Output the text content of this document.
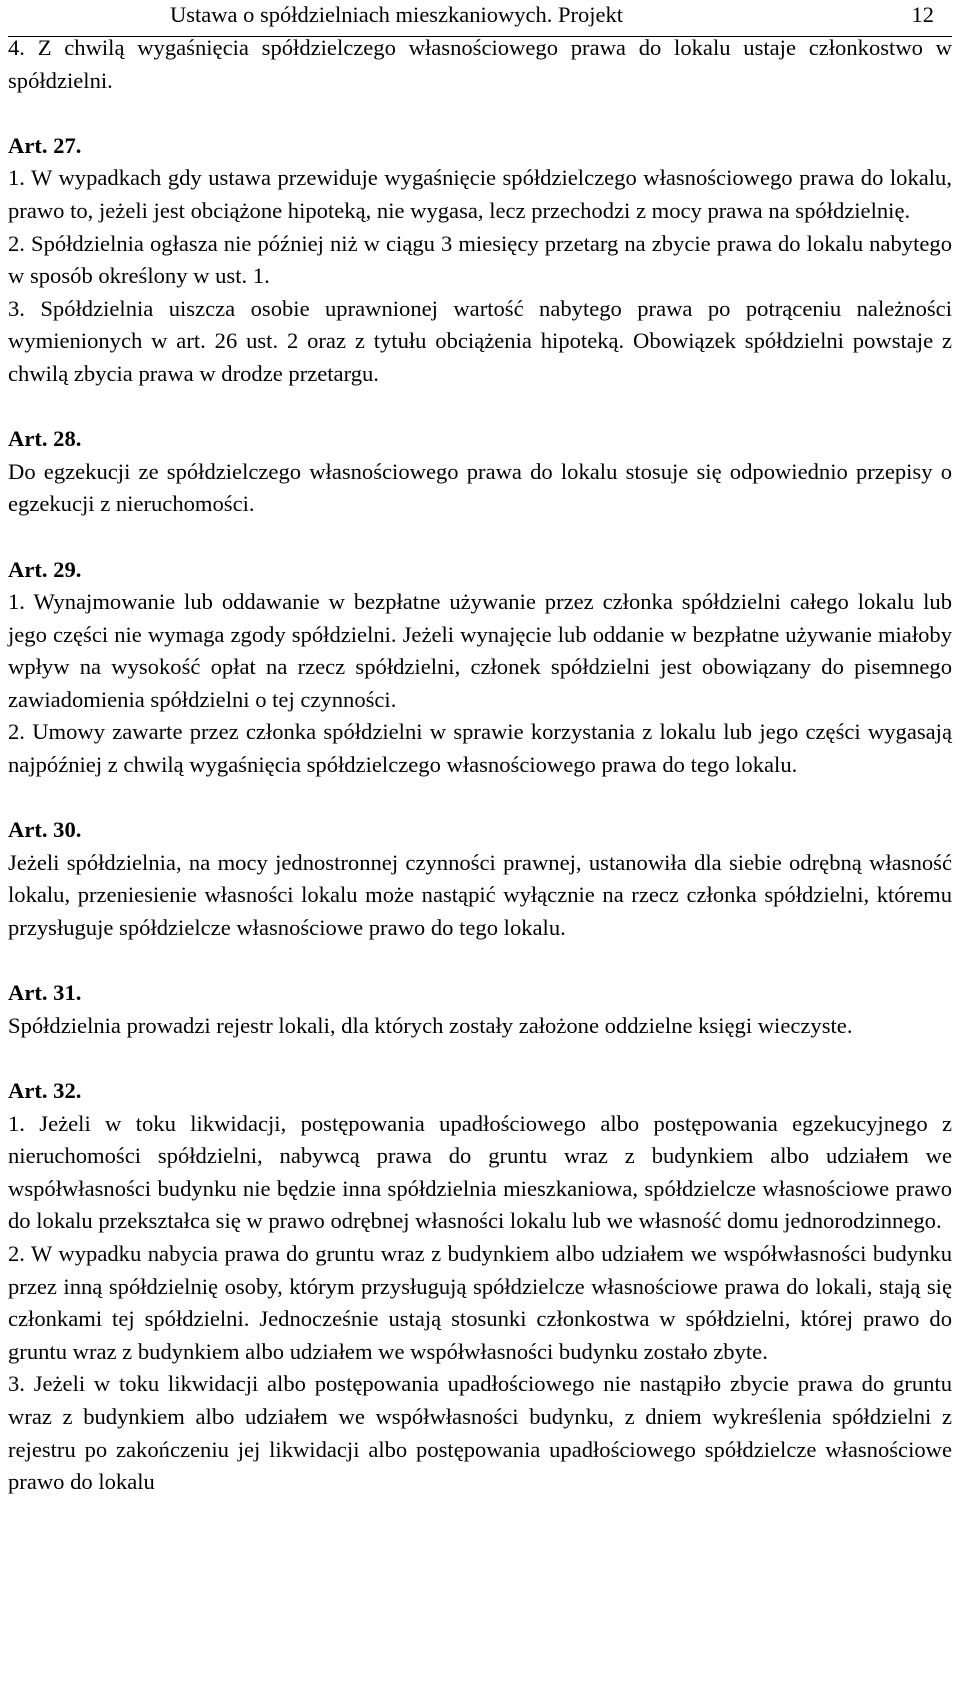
Ustawa o spółdzielniach mieszkaniowych. Projekt	12

4. Z chwilą wygaśnięcia spółdzielczego własnościowego prawa do lokalu ustaje członkostwo w spółdzielni.

Art. 27.

1. W wypadkach gdy ustawa przewiduje wygaśnięcie spółdzielczego własnościowego prawa do lokalu, prawo to, jeżeli jest obciążone hipoteką, nie wygasa, lecz przechodzi z mocy prawa na spółdzielnię.

2. Spółdzielnia ogłasza nie później niż w ciągu 3 miesięcy przetarg na zbycie prawa do lokalu nabytego w sposób określony w ust. 1.

3. Spółdzielnia uiszcza osobie uprawnionej wartość nabytego prawa po potrąceniu należności wymienionych w art. 26 ust. 2 oraz z tytułu obciążenia hipoteką. Obowiązek spółdzielni powstaje z chwilą zbycia prawa w drodze przetargu.

Art. 28.

Do egzekucji ze spółdzielczego własnościowego prawa do lokalu stosuje się odpowiednio przepisy o egzekucji z nieruchomości.

Art. 29.

1. Wynajmowanie lub oddawanie w bezpłatne używanie przez członka spółdzielni całego lokalu lub jego części nie wymaga zgody spółdzielni. Jeżeli wynajęcie lub oddanie w bezpłatne używanie miałoby wpływ na wysokość opłat na rzecz spółdzielni, członek spółdzielni jest obowiązany do pisemnego zawiadomienia spółdzielni o tej czynności.

2. Umowy zawarte przez członka spółdzielni w sprawie korzystania z lokalu lub jego części wygasają najpóźniej z chwilą wygaśnięcia spółdzielczego własnościowego prawa do tego lokalu.

Art. 30.

Jeżeli spółdzielnia, na mocy jednostronnej czynności prawnej, ustanowiła dla siebie odrębną własność lokalu, przeniesienie własności lokalu może nastąpić wyłącznie na rzecz członka spółdzielni, któremu przysługuje spółdzielcze własnościowe prawo do tego lokalu.

Art. 31.

Spółdzielnia prowadzi rejestr lokali, dla których zostały założone oddzielne księgi wieczyste.

Art. 32.

1. Jeżeli w toku likwidacji, postępowania upadłościowego albo postępowania egzekucyjnego z nieruchomości spółdzielni, nabywcą prawa do gruntu wraz z budynkiem albo udziałem we współwłasności budynku nie będzie inna spółdzielnia mieszkaniowa, spółdzielcze własnościowe prawo do lokalu przekształca się w prawo odrębnej własności lokalu lub we własność domu jednorodzinnego.

2. W wypadku nabycia prawa do gruntu wraz z budynkiem albo udziałem we współwłasności budynku przez inną spółdzielnię osoby, którym przysługują spółdzielcze własnościowe prawa do lokali, stają się członkami tej spółdzielni. Jednocześnie ustają stosunki członkostwa w spółdzielni, której prawo do gruntu wraz z budynkiem albo udziałem we współwłasności budynku zostało zbyte.

3. Jeżeli w toku likwidacji albo postępowania upadłościowego nie nastąpiło zbycie prawa do gruntu wraz z budynkiem albo udziałem we współwłasności budynku, z dniem wykreślenia spółdzielni z rejestru po zakończeniu jej likwidacji albo postępowania upadłościowego spółdzielcze własnościowe prawo do lokalu
